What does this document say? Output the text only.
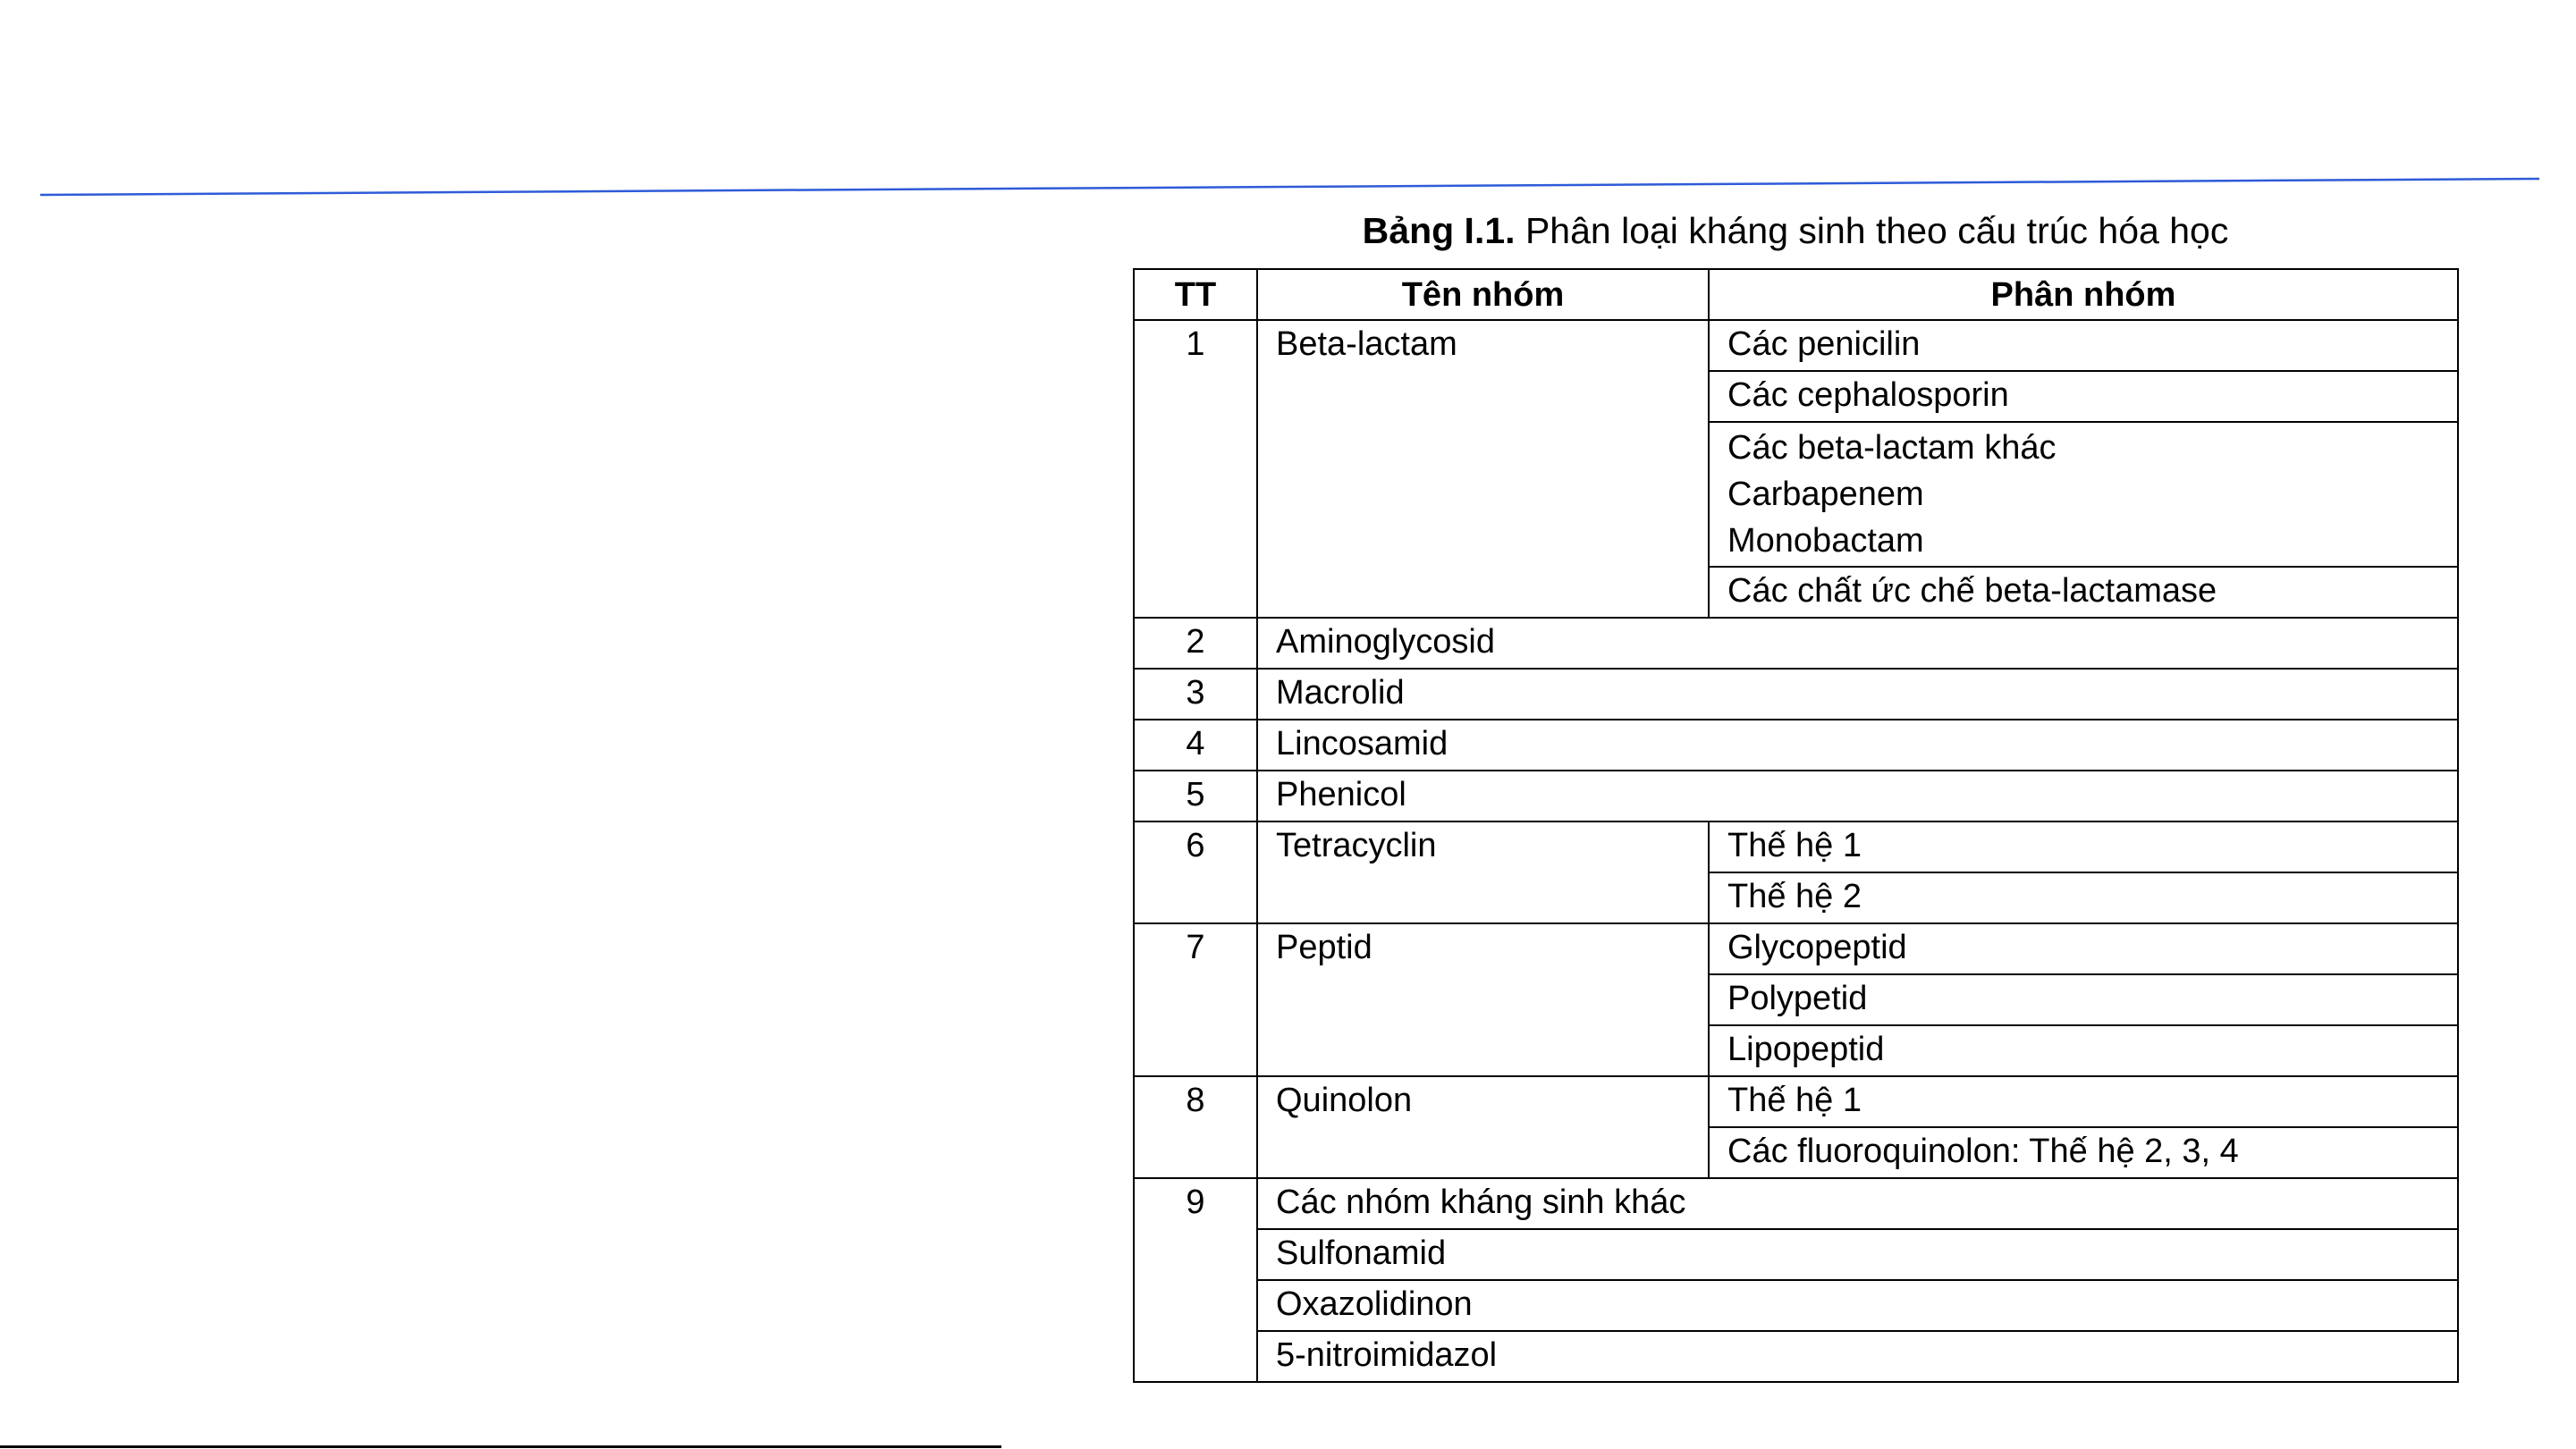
Bảng I.1. Phân loại kháng sinh theo cấu trúc hóa học
TT	Tên nhóm	Phân nhóm
1	Beta-lactam	Các penicilin
		Các cephalosporin

		Các beta-lactam khác
Carbapenem
Monobactam

		Các chất ức chế beta-lactamase
2	Aminoglycosid	
3	Macrolid	
4	Lincosamid	
5	Phenicol	
6	Tetracyclin	Thế hệ 1
		Thế hệ 2
7	Peptid	Glycopeptid
		Polypetid
		Lipopeptid
8	Quinolon	Thế hệ 1
		Các fluoroquinolon: Thế hệ 2, 3, 4
9	Các nhóm kháng sinh khác	
	Sulfonamid	
	Oxazolidinon	
	5-nitroimidazol	
